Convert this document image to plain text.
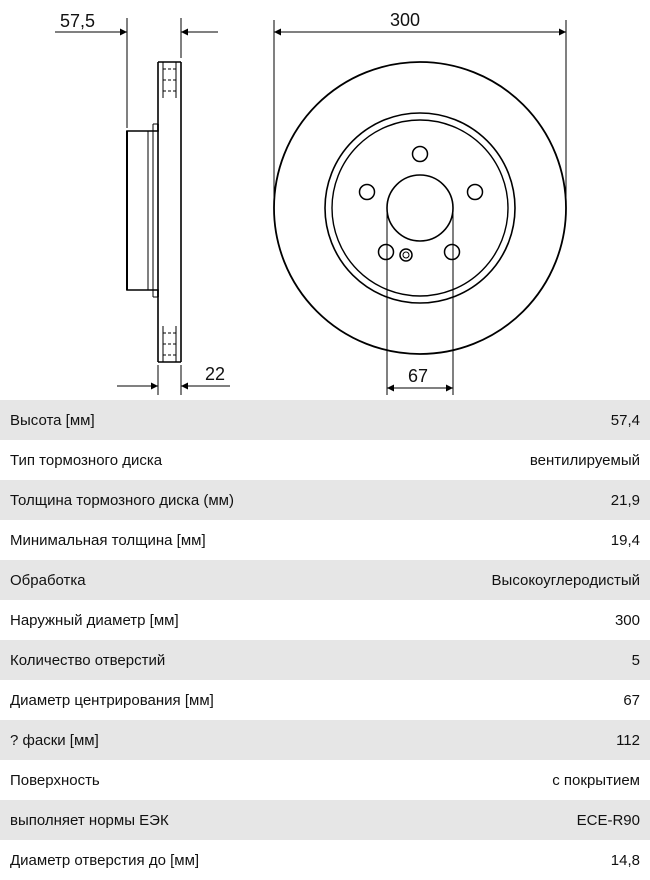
57,5
22
300
67
Высота [мм]	57,4
Тип тормозного диска	вентилируемый
Толщина тормозного диска (мм)	21,9
Минимальная толщина [мм]	19,4
Обработка	Высокоуглеродистый
Наружный диаметр [мм]	300
Количество отверстий	5
Диаметр центрирования [мм]	67
? фаски [мм]	112
Поверхность	с покрытием
выполняет нормы ЕЭК	ECE-R90
Диаметр отверстия до [мм]	14,8
